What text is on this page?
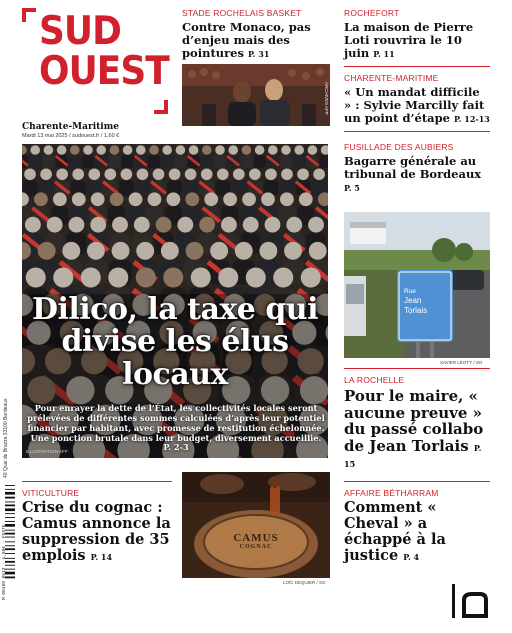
SUD
OUEST
Charente-Maritime
Mardi 13 mai 2025 / sudouest.fr / 1,60 €
STADE ROCHELAIS BASKET
Contre Monaco, pas d’enjeu mais des pointures P. 31
ARCHIVES AFP
ROCHEFORT
La maison de Pierre Loti rouvrira le 10 juin P. 11
CHARENTE-MARITIME
« Un mandat difficile » : Sylvie Marcilly fait un point d’étape P. 12-13
FUSILLADE DES AUBIERS
Bagarre générale au tribunal de Bordeaux P. 5
Rue
Jean
Torlais
XAVIER LÉOTY / SO
LA ROCHELLE
Pour le maire, « aucune preuve » du passé collabo de Jean Torlais P. 15
Dilico, la taxe qui divise les élus locaux
Pour enrayer la dette de l’État, les collectivités locales seront prélevées de différentes sommes calculées d’après leur potentiel financier par habitant, avec promesse de restitution échelonnée. Une ponction brutale dans leur budget, diversement accueillie. P. 2-3
ILLUSTRATION AFP
VITICULTURE
Crise du cognac : Camus annonce la suppression de 35 emplois P. 14
CAMUS
COGNAC
LOÏC DEQUIER / SO
AFFAIRE BÉTHARRAM
Comment « Cheval » a échappé à la justice P. 4
40 Quai de Brazza 33100 Bordeaux
M 00489 0513 - 1,60€ - FGSTE
